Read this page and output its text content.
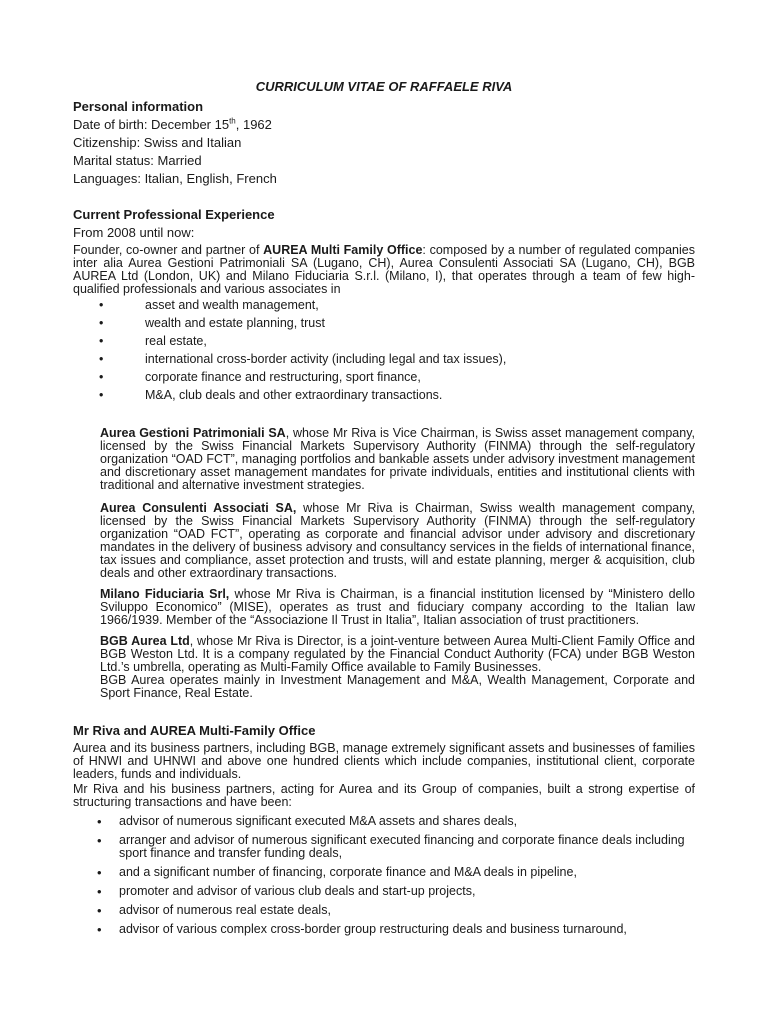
CURRICULUM VITAE OF RAFFAELE RIVA
Personal information
Date of birth: December 15th, 1962
Citizenship: Swiss and Italian
Marital status: Married
Languages: Italian, English, French
Current Professional Experience
From 2008 until now:

Founder, co-owner and partner of AUREA Multi Family Office: composed by a number of regulated companies inter alia Aurea Gestioni Patrimoniali SA (Lugano, CH), Aurea Consulenti Associati SA (Lugano, CH), BGB AUREA Ltd (London, UK) and Milano Fiduciaria S.r.l. (Milano, I), that operates through a team of few high-qualified professionals and various associates in

•	asset and wealth management,
•	wealth and estate planning, trust
•	real estate,
•	international cross-border activity (including legal and tax issues),
•	corporate finance and restructuring, sport finance,
•	M&A, club deals and other extraordinary transactions.

Aurea Gestioni Patrimoniali SA, whose Mr Riva is Vice Chairman, is Swiss asset management company, licensed by the Swiss Financial Markets Supervisory Authority (FINMA) through the self-regulatory organization “OAD FCT”, managing portfolios and bankable assets under advisory investment management and discretionary asset management mandates for private individuals, entities and institutional clients with traditional and alternative investment strategies.

Aurea Consulenti Associati SA, whose Mr Riva is Chairman, Swiss wealth management company, licensed by the Swiss Financial Markets Supervisory Authority (FINMA) through the self-regulatory organization “OAD FCT”, operating as corporate and financial advisor under advisory and discretionary mandates in the delivery of business advisory and consultancy services in the fields of international finance, tax issues and compliance, asset protection and trusts, will and estate planning, merger & acquisition, club deals and other extraordinary transactions.

Milano Fiduciaria Srl, whose Mr Riva is Chairman, is a financial institution licensed by “Ministero dello Sviluppo Economico” (MISE), operates as trust and fiduciary company according to the Italian law 1966/1939. Member of the “Associazione Il Trust in Italia”, Italian association of trust practitioners.

BGB Aurea Ltd, whose Mr Riva is Director, is a joint-venture between Aurea Multi-Client Family Office and BGB Weston Ltd. It is a company regulated by the Financial Conduct Authority (FCA) under BGB Weston Ltd.’s umbrella, operating as Multi-Family Office available to Family Businesses.

BGB Aurea operates mainly in Investment Management and M&A, Wealth Management, Corporate and Sport Finance, Real Estate.

Mr Riva and AUREA Multi-Family Office

Aurea and its business partners, including BGB, manage extremely significant assets and businesses of families of HNWI and UHNWI and above one hundred clients which include companies, institutional client, corporate leaders, funds and individuals.

Mr Riva and his business partners, acting for Aurea and its Group of companies, built a strong expertise of structuring transactions and have been:

• advisor of numerous significant executed M&A assets and shares deals,
• arranger and advisor of numerous significant executed financing and corporate finance deals including sport finance and transfer funding deals,
• and a significant number of financing, corporate finance and M&A deals in pipeline,
• promoter and advisor of various club deals and start-up projects,
• advisor of numerous real estate deals,
• advisor of various complex cross-border group restructuring deals and business turnaround,
